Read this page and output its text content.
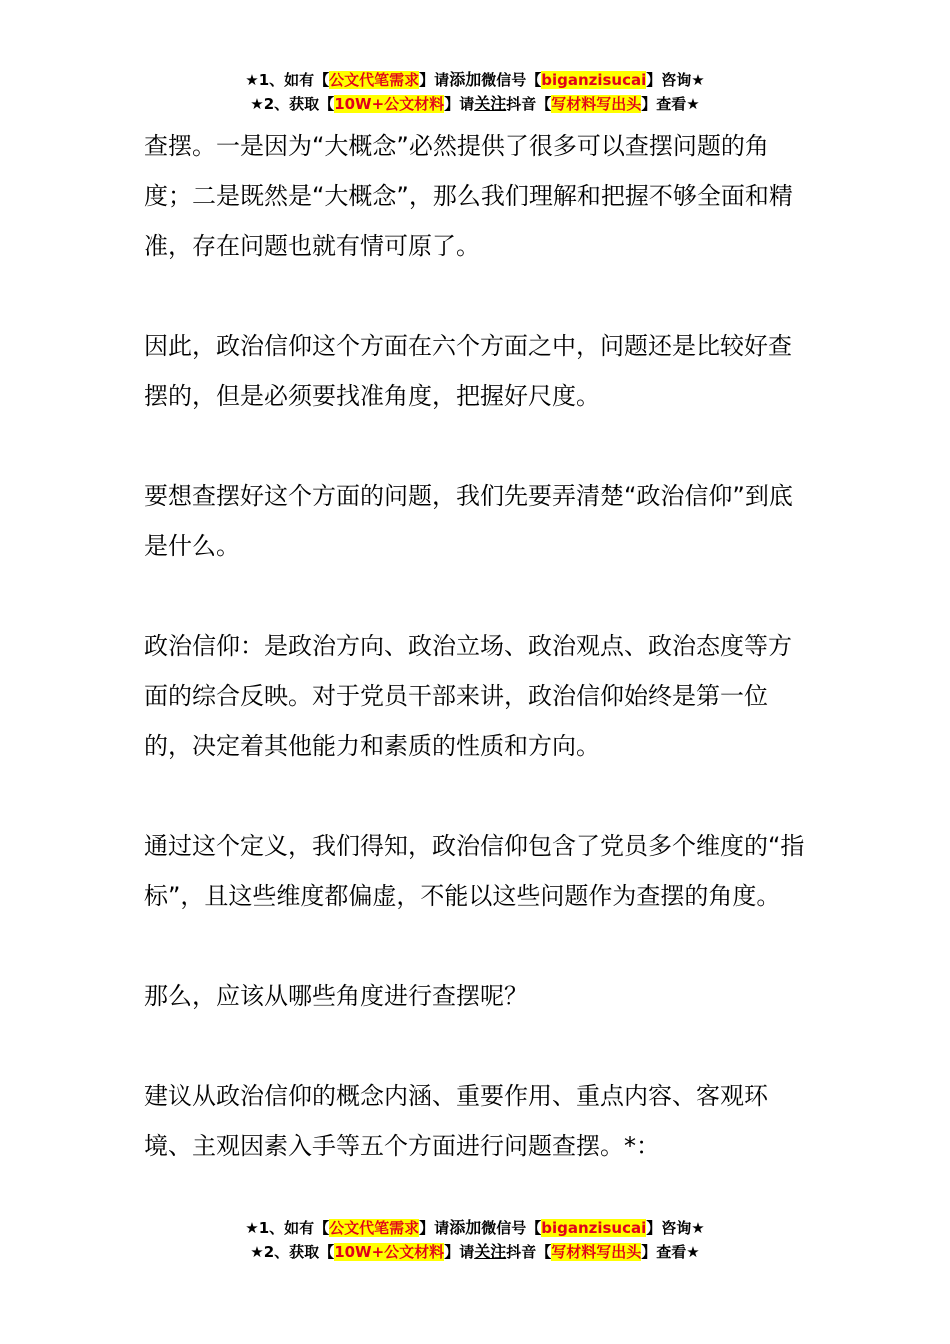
★1、如有【公文代笔需求】请添加微信号【biganzisucai】咨询★
★2、获取【10W+公文材料】请关注抖音【写材料写出头】查看★

查摆。一是因为“大概念”必然提供了很多可以查摆问题的角度；二是既然是“大概念”，那么我们理解和把握不够全面和精准，存在问题也就有情可原了。

因此，政治信仰这个方面在六个方面之中，问题还是比较好查摆的，但是必须要找准角度，把握好尺度。

要想查摆好这个方面的问题，我们先要弄清楚“政治信仰”到底是什么。

政治信仰：是政治方向、政治立场、政治观点、政治态度等方面的综合反映。对于党员干部来讲，政治信仰始终是第一位的，决定着其他能力和素质的性质和方向。

通过这个定义，我们得知，政治信仰包含了党员多个维度的“指标”，且这些维度都偏虚，不能以这些问题作为查摆的角度。

那么，应该从哪些角度进行查摆呢？

建议从政治信仰的概念内涵、重要作用、重点内容、客观环境、主观因素入手等五个方面进行问题查摆。*：

★1、如有【公文代笔需求】请添加微信号【biganzisucai】咨询★
★2、获取【10W+公文材料】请关注抖音【写材料写出头】查看★
